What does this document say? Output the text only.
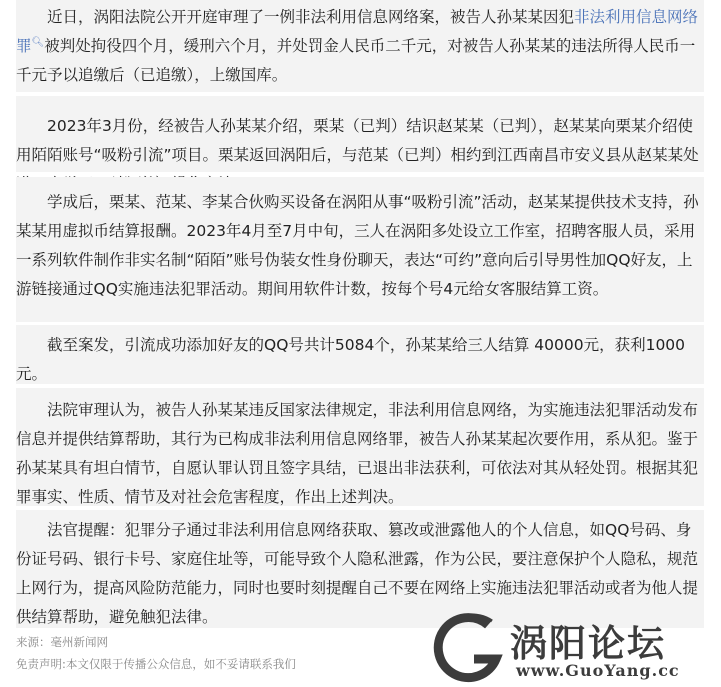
近日，涡阳法院公开开庭审理了一例非法利用信息网络案，被告人孙某某因犯非法利用信息网络罪🔍︎被判处拘役四个月，缓刑六个月，并处罚金人民币二千元，对被告人孙某某的违法所得人民币一千元予以追缴后（已追缴），上缴国库。
2023年3月份，经被告人孙某某介绍，栗某（已判）结识赵某某（已判），赵某某向栗某介绍使用陌陌账号“吸粉引流”项目。栗某返回涡阳后，与范某（已判）相约到江西南昌市安义县从赵某某处
学成后，栗某、范某、李某合伙购买设备在涡阳从事“吸粉引流”活动，赵某某提供技术支持，孙某某用虚拟币结算报酬。2023年4月至7月中旬，三人在涡阳多处设立工作室，招聘客服人员，采用一系列软件制作非实名制“陌陌”账号伪装女性身份聊天，表达“可约”意向后引导男性加QQ好友，上游链接通过QQ实施违法犯罪活动。期间用软件计数，按每个号4元给女客服结算工资。
截至案发，引流成功添加好友的QQ号共计5084个，孙某某给三人结算 40000元，获利1000元。
法院审理认为，被告人孙某某违反国家法律规定，非法利用信息网络，为实施违法犯罪活动发布信息并提供结算帮助，其行为已构成非法利用信息网络罪，被告人孙某某起次要作用，系从犯。鉴于孙某某具有坦白情节，自愿认罪认罚且签字具结，已退出非法获利，可依法对其从轻处罚。根据其犯罪事实、性质、情节及对社会危害程度，作出上述判决。
法官提醒：犯罪分子通过非法利用信息网络获取、篡改或泄露他人的个人信息，如QQ号码、身份证号码、银行卡号、家庭住址等，可能导致个人隐私泄露，作为公民，要注意保护个人隐私，规范上网行为，提高风险防范能力，同时也要时刻提醒自己不要在网络上实施违法犯罪活动或者为他人提供结算帮助，避免触犯法律。
来源：毫州新闻网
免责声明:本文仅限于传播公众信息，如不妥请联系我们	涡阳论坛
www.GuoYang.cc
